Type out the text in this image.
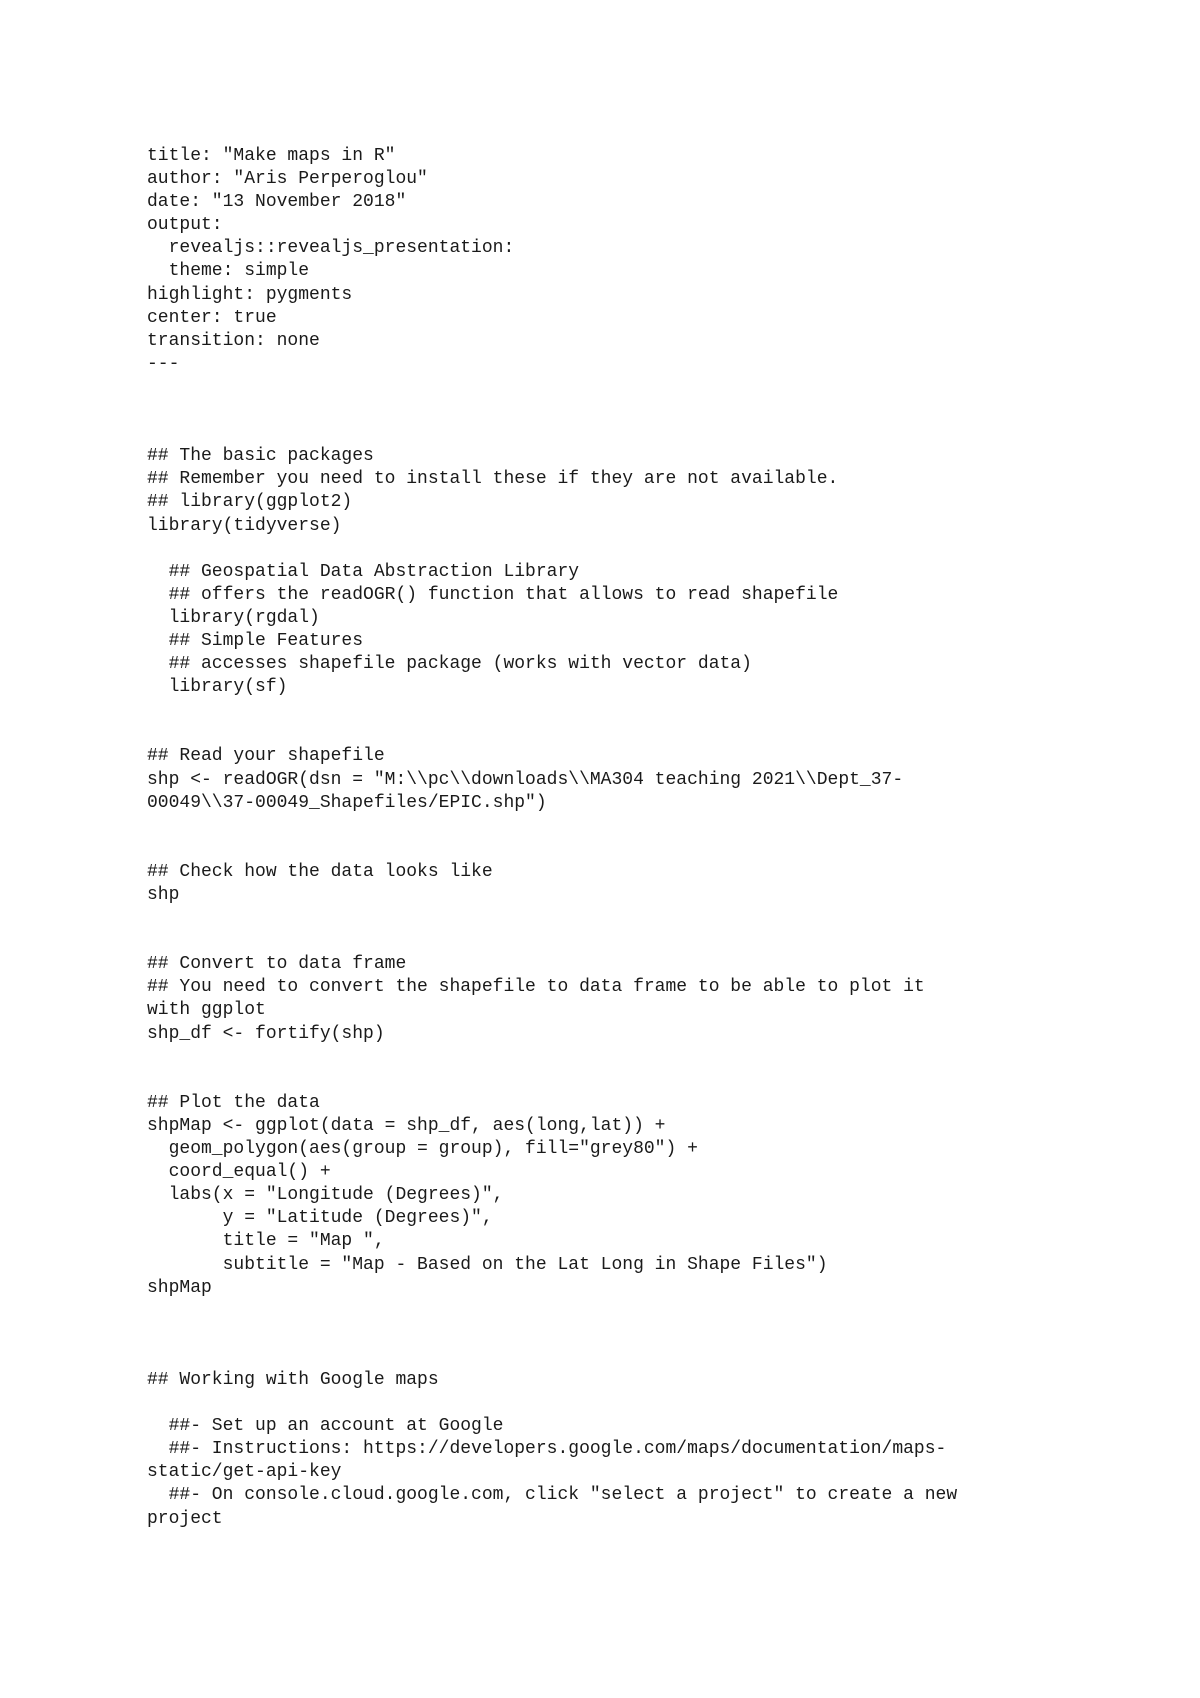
title: "Make maps in R"
author: "Aris Perperoglou"
date: "13 November 2018"
output:
revealjs::revealjs_presentation:
theme: simple
highlight: pygments
center: true
transition: none
---
## The basic packages
## Remember you need to install these if they are not available.
## library(ggplot2)
library(tidyverse)
## Geospatial Data Abstraction Library
## offers the readOGR() function that allows to read shapefile
library(rgdal)
## Simple Features
## accesses shapefile package (works with vector data)
library(sf)
## Read your shapefile
shp <- readOGR(dsn = "M:\\pc\\downloads\\MA304 teaching 2021\\Dept_37-
00049\\37-00049_Shapefiles/EPIC.shp")
## Check how the data looks like
shp
## Convert to data frame
## You need to convert the shapefile to data frame to be able to plot it
with ggplot
shp_df <- fortify(shp)
## Plot the data
shpMap <- ggplot(data = shp_df, aes(long,lat)) +
geom_polygon(aes(group = group), fill="grey80") +
coord_equal() +
labs(x = "Longitude (Degrees)",
y = "Latitude (Degrees)",
title = "Map ",
subtitle = "Map - Based on the Lat Long in Shape Files")
shpMap
## Working with Google maps
##- Set up an account at Google
##- Instructions: https://developers.google.com/maps/documentation/maps-
static/get-api-key
##- On console.cloud.google.com, click "select a project" to create a new
project
